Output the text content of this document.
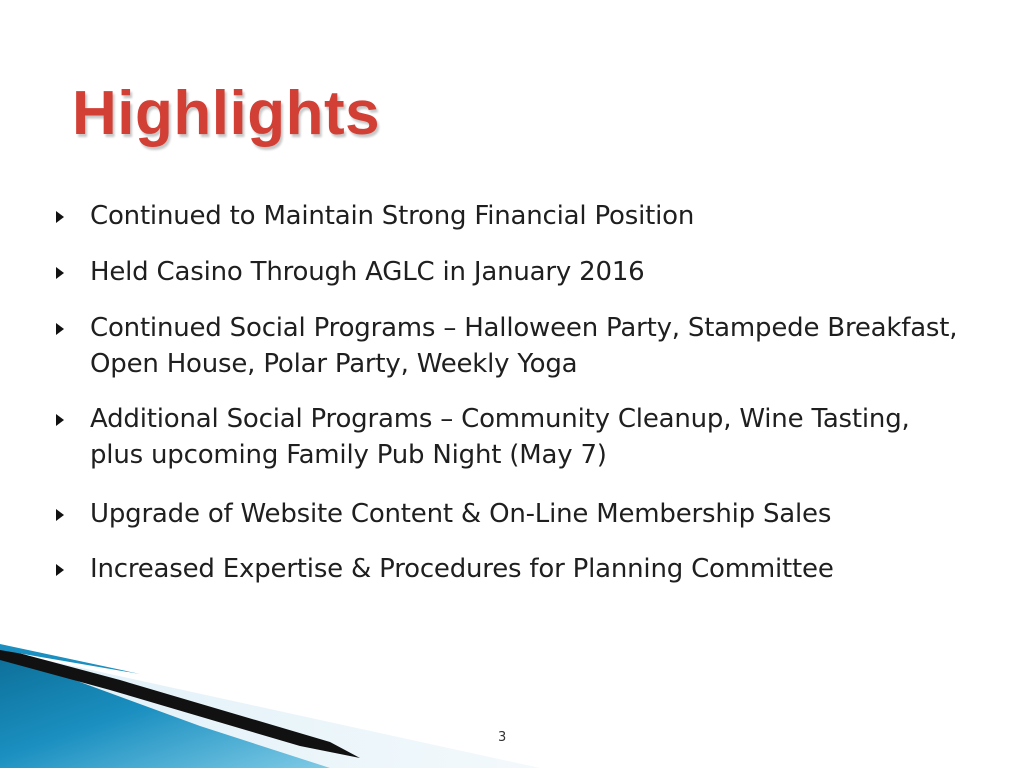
Highlights
Continued to Maintain Strong Financial Position
Held Casino Through AGLC in January 2016
Continued Social Programs – Halloween Party, Stampede Breakfast, Open House, Polar Party, Weekly Yoga
Additional Social Programs – Community Cleanup, Wine Tasting, plus upcoming Family Pub Night (May 7)
Upgrade of Website Content & On-Line Membership Sales
Increased Expertise & Procedures for Planning Committee
3
